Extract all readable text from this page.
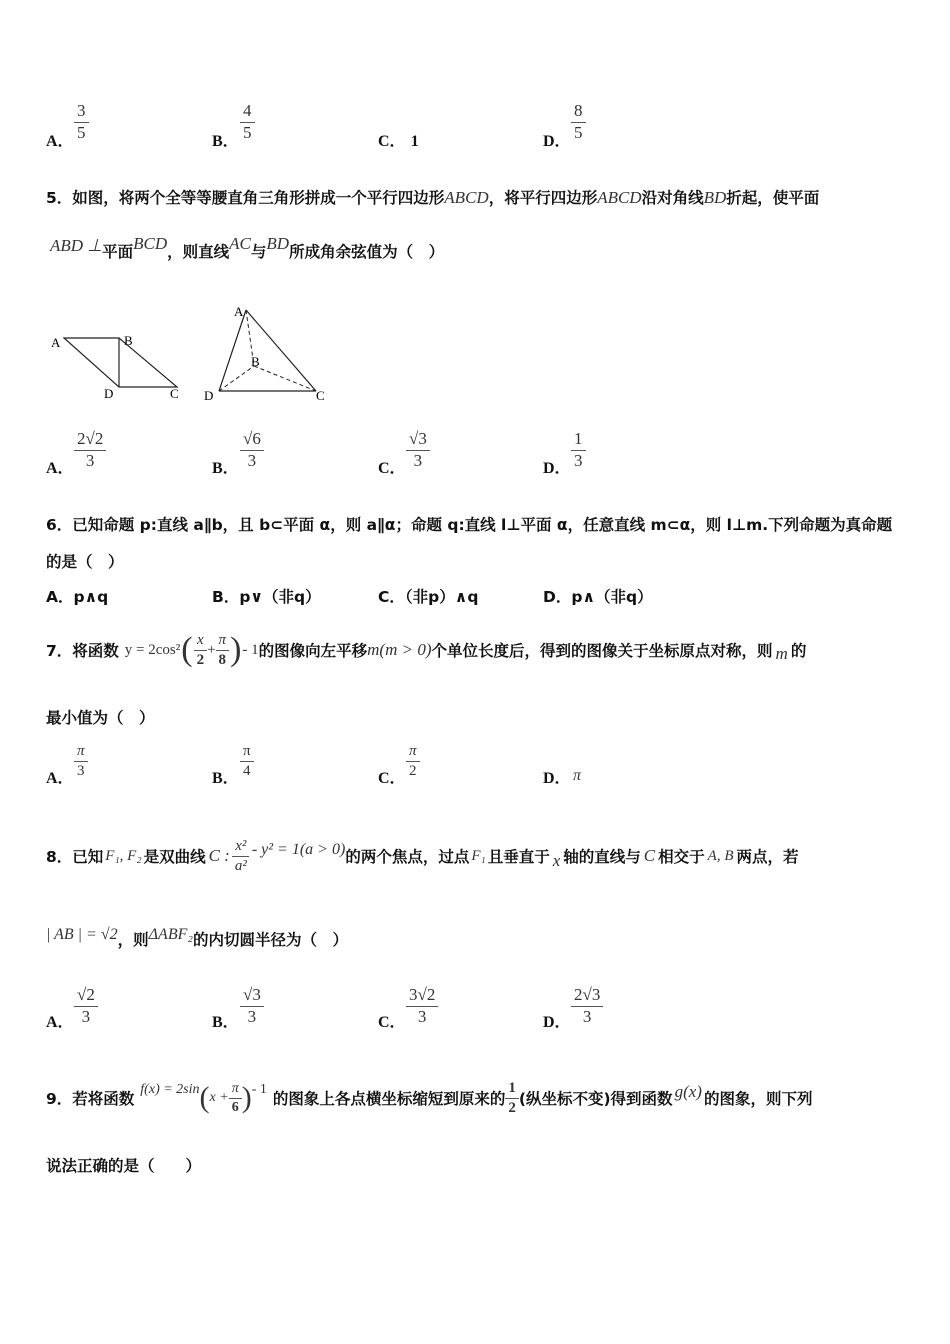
A． $\frac{3}{5}$	B． $\frac{4}{5}$	C． 1	D． $\frac{8}{5}$
5．如图，将两个全等等腰直角三角形拼成一个平行四边形ABCD，将平行四边形ABCD沿对角线BD折起，使平面
ABD ⊥平面BCD，则直线AC与BD所成角余弦值为（　）
A	B
D	C
A
B
D	C
A． $\frac{2√2}{3}$	B． $\frac{√6}{3}$	C． $\frac{√3}{3}$	D． $\frac{1}{3}$
6．已知命题 p:直线 a∥b，且 b⊂平面 α，则 a∥α；命题 q:直线 l⊥平面 α，任意直线 m⊂α，则 l⊥m.下列命题为真命题
的是（　）
A．p∧q	B．p∨（非q）	C．（非p）∧q	D．p∧（非q）
7．将函数 y = 2cos² ( $\frac{x}{2} + \frac{\pi}{8}$ ) - 1 的图像向左平移 m(m > 0) 个单位长度后，得到的图像关于坐标原点对称，则 m 的
最小值为（　）
A． $\frac{\pi}{3}$	B． $\frac{\pi}{4}$	C． $\frac{\pi}{2}$	D． π
8．已知 F₁, F₂ 是双曲线 C : $\frac{\text{x²}}{\text{a²}} - y^2 = 1(a > 0)$ 的两个焦点，过点 F₁ 且垂直于 x 轴的直线与 C 相交于 A, B 两点，若
| AB | = √2 ，则 ΔABF₂ 的内切圆半径为（　）
A． $\frac{√2}{3}$	B． $\frac{√3}{3}$	C． $\frac{3√2}{3}$	D． $\frac{2√3}{3}$
9．若将函数
f(x) = 2sin ( $x + \frac{\pi}{6}$ ) - 1
的图象上各点横坐标缩短到原来的 $\frac{1}{2}$ (纵坐标不变)得到函数 g(x) 的图象，则下列
说法正确的是（　　）
